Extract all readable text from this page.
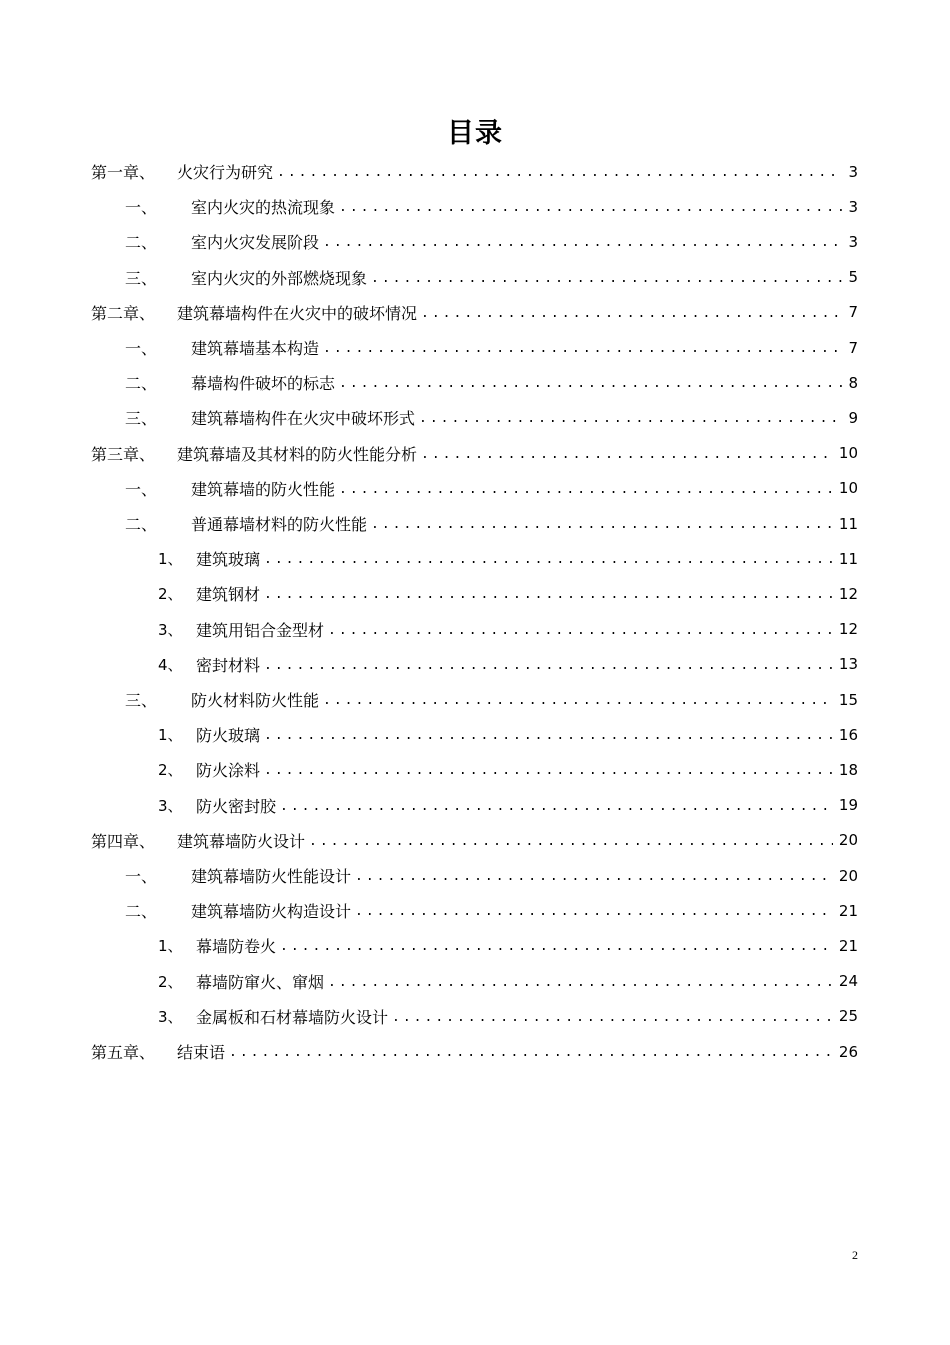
目录
第一章、	火灾行为研究 .....	3
一、	室内火灾的热流现象 .....	3
二、	室内火灾发展阶段 .....	3
三、	室内火灾的外部燃烧现象 .....	5
第二章、	建筑幕墙构件在火灾中的破坏情况 .....	7
一、	建筑幕墙基本构造 .....	7
二、	幕墙构件破坏的标志 .....	8
三、	建筑幕墙构件在火灾中破坏形式 .....	9
第三章、	建筑幕墙及其材料的防火性能分析 .....	10
一、	建筑幕墙的防火性能 .....	10
二、	普通幕墙材料的防火性能 .....	11
1、 建筑玻璃 .....	11
2、 建筑钢材 .....	12
3、 建筑用铝合金型材 .....	12
4、 密封材料 .....	13
三、	防火材料防火性能 .....	15
1、 防火玻璃 .....	16
2、 防火涂料 .....	18
3、 防火密封胶 .....	19
第四章、	建筑幕墙防火设计 .....	20
一、	建筑幕墙防火性能设计 .....	20
二、	建筑幕墙防火构造设计 .....	21
1、 幕墙防卷火 .....	21
2、 幕墙防窜火、窜烟 .....	24
3、 金属板和石材幕墙防火设计 .....	25
第五章、	结束语 .....	26
2
